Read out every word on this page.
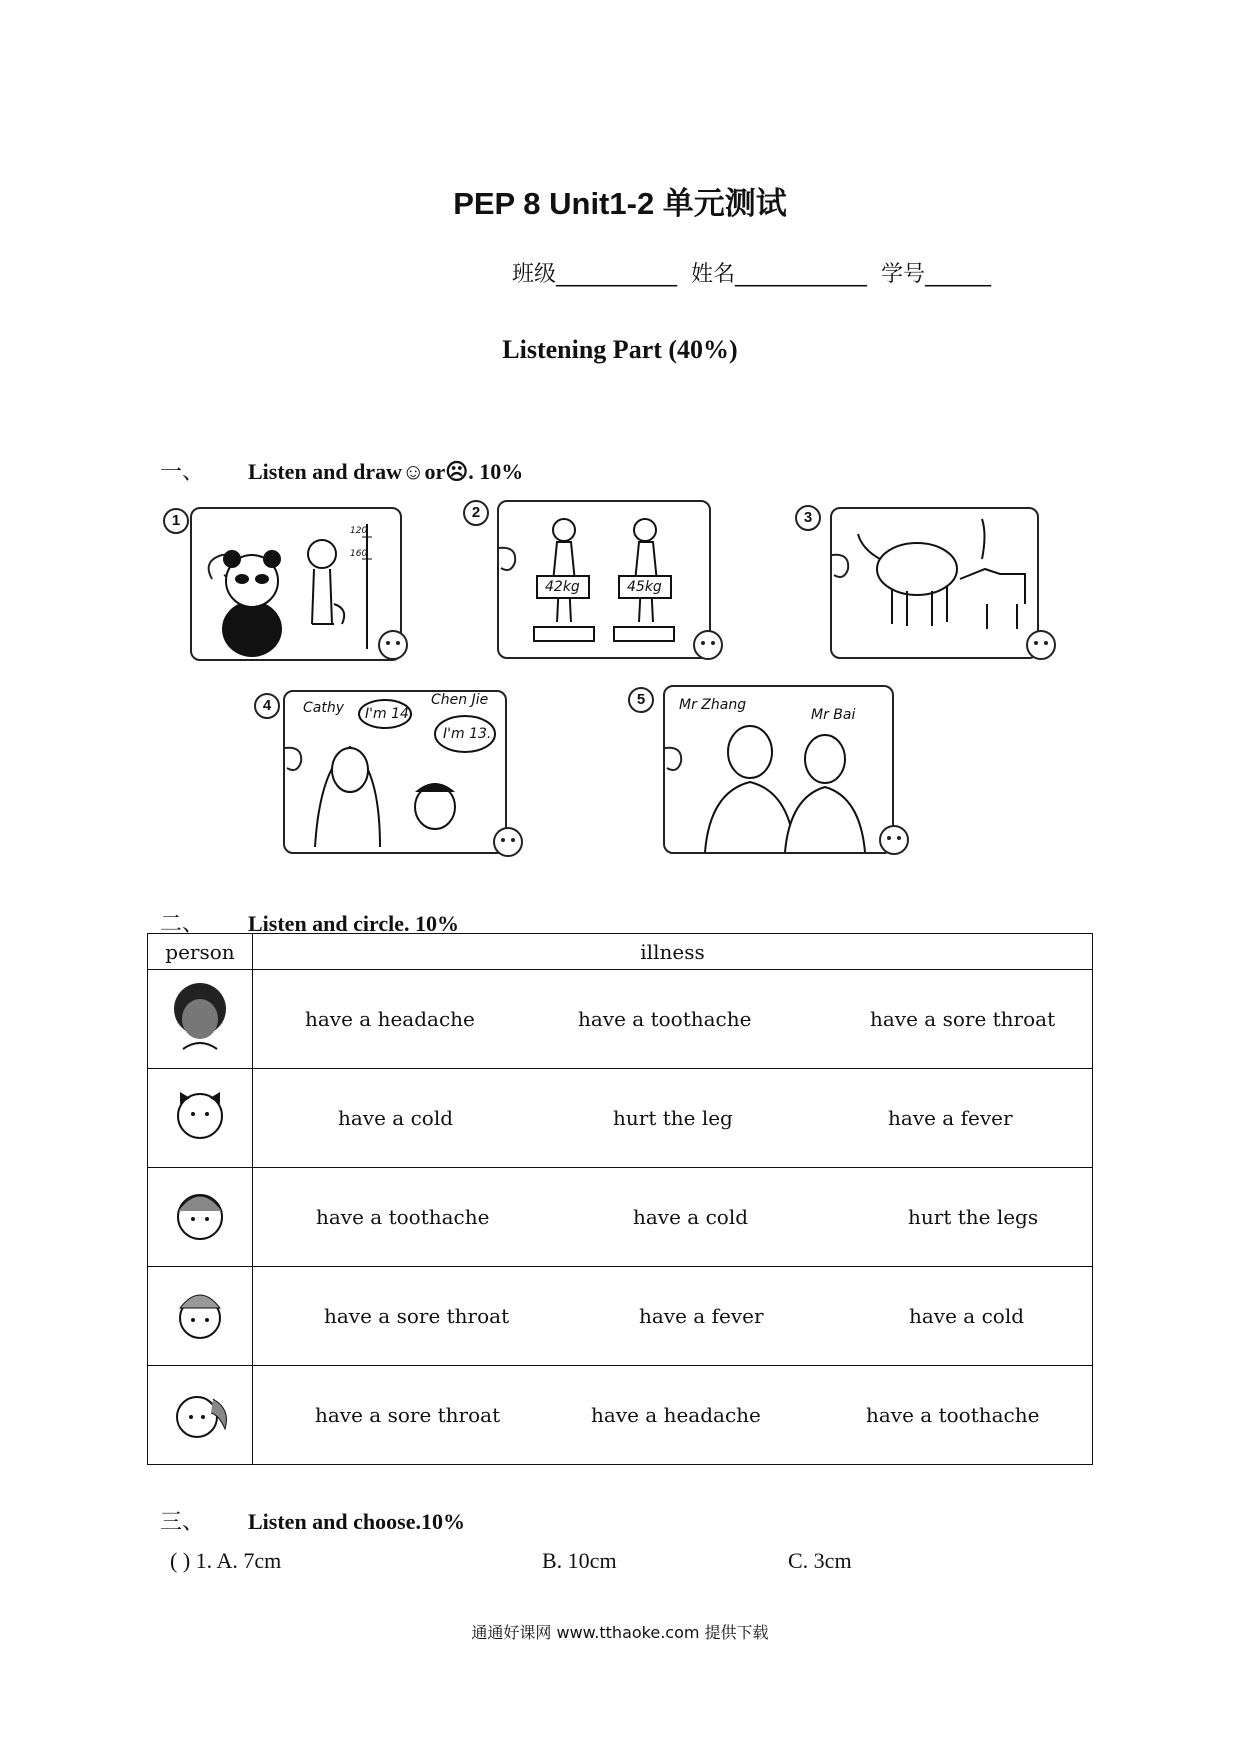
PEP 8 Unit1-2 单元测试
班级___________ 姓名____________ 学号______
Listening Part (40%)
一、 Listen and draw☺or☹. 10%
120
160
1
42kg	45kg
2	3
Cathy I'm 14.
Chen Jie
I'm 13.
4	Mr Zhang
Mr Bai
5
二、 Listen and circle. 10%
person	illness

have a headache have a toothache have a sore throat

have a cold hurt the leg have a fever

have a toothache have a cold hurt the legs

have a sore throat have a fever have a cold

have a sore throat have a headache have a toothache
三、 Listen and choose.10%
( ) 1. A. 7cm	B. 10cm	C. 3cm
通通好课网 www.tthaoke.com 提供下载
